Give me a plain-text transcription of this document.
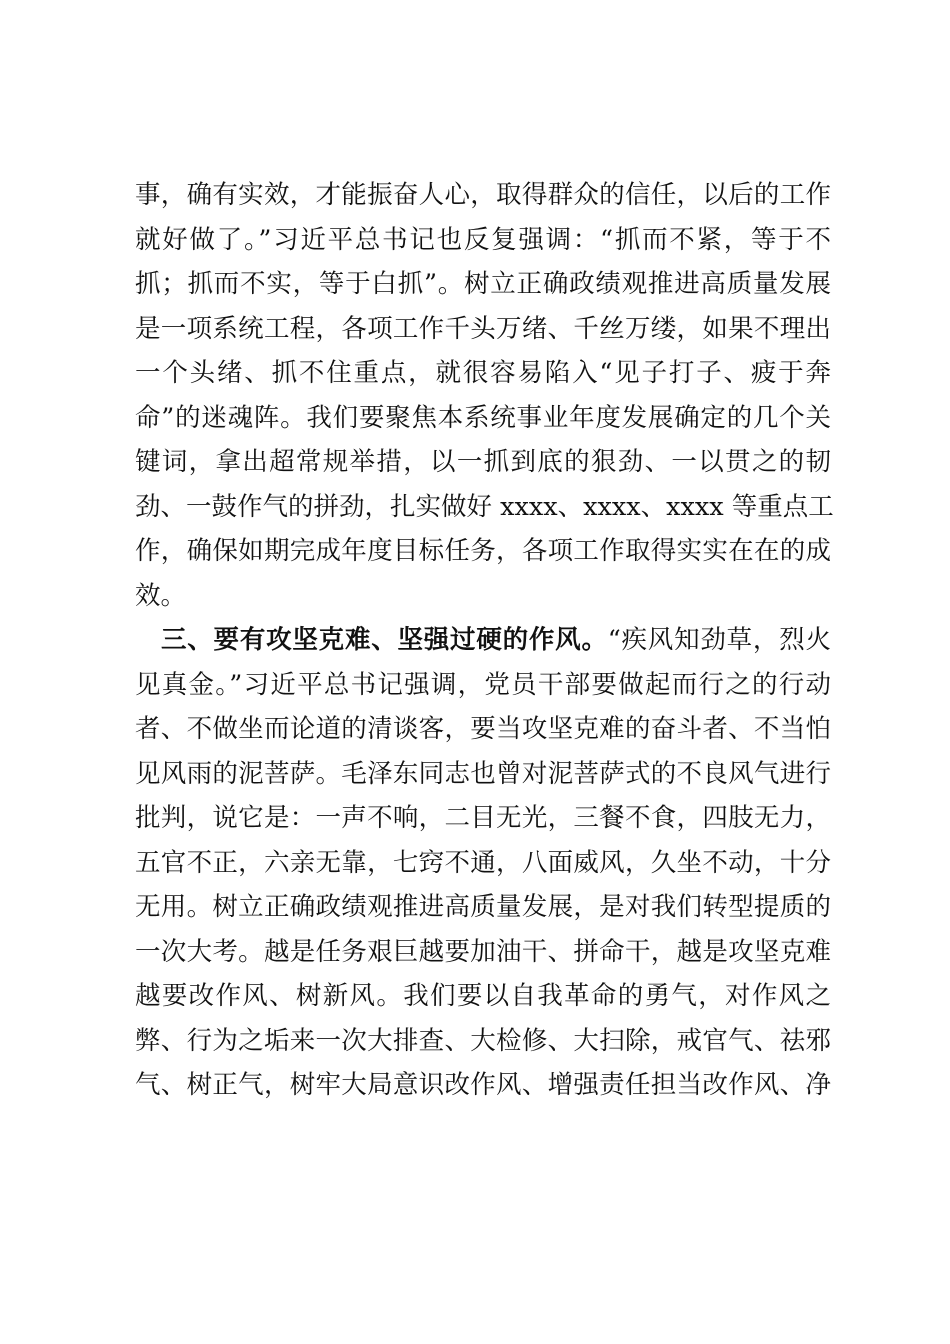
事，确有实效，才能振奋人心，取得群众的信任，以后的工作
就好做了。”习近平总书记也反复强调：“抓而不紧，等于不
抓；抓而不实，等于白抓”。树立正确政绩观推进高质量发展
是一项系统工程，各项工作千头万绪、千丝万缕，如果不理出
一个头绪、抓不住重点，就很容易陷入“见子打子、疲于奔
命”的迷魂阵。我们要聚焦本系统事业年度发展确定的几个关
键词，拿出超常规举措，以一抓到底的狠劲、一以贯之的韧
劲、一鼓作气的拼劲，扎实做好 xxxx、xxxx、xxxx 等重点工
作，确保如期完成年度目标任务，各项工作取得实实在在的成
效。
三、要有攻坚克难、坚强过硬的作风。“疾风知劲草，烈火
见真金。”习近平总书记强调，党员干部要做起而行之的行动
者、不做坐而论道的清谈客，要当攻坚克难的奋斗者、不当怕
见风雨的泥菩萨。毛泽东同志也曾对泥菩萨式的不良风气进行
批判，说它是：一声不响，二目无光，三餐不食，四肢无力，
五官不正，六亲无靠，七窍不通，八面威风，久坐不动，十分
无用。树立正确政绩观推进高质量发展，是对我们转型提质的
一次大考。越是任务艰巨越要加油干、拼命干，越是攻坚克难
越要改作风、树新风。我们要以自我革命的勇气，对作风之
弊、行为之垢来一次大排查、大检修、大扫除，戒官气、祛邪
气、树正气，树牢大局意识改作风、增强责任担当改作风、净
